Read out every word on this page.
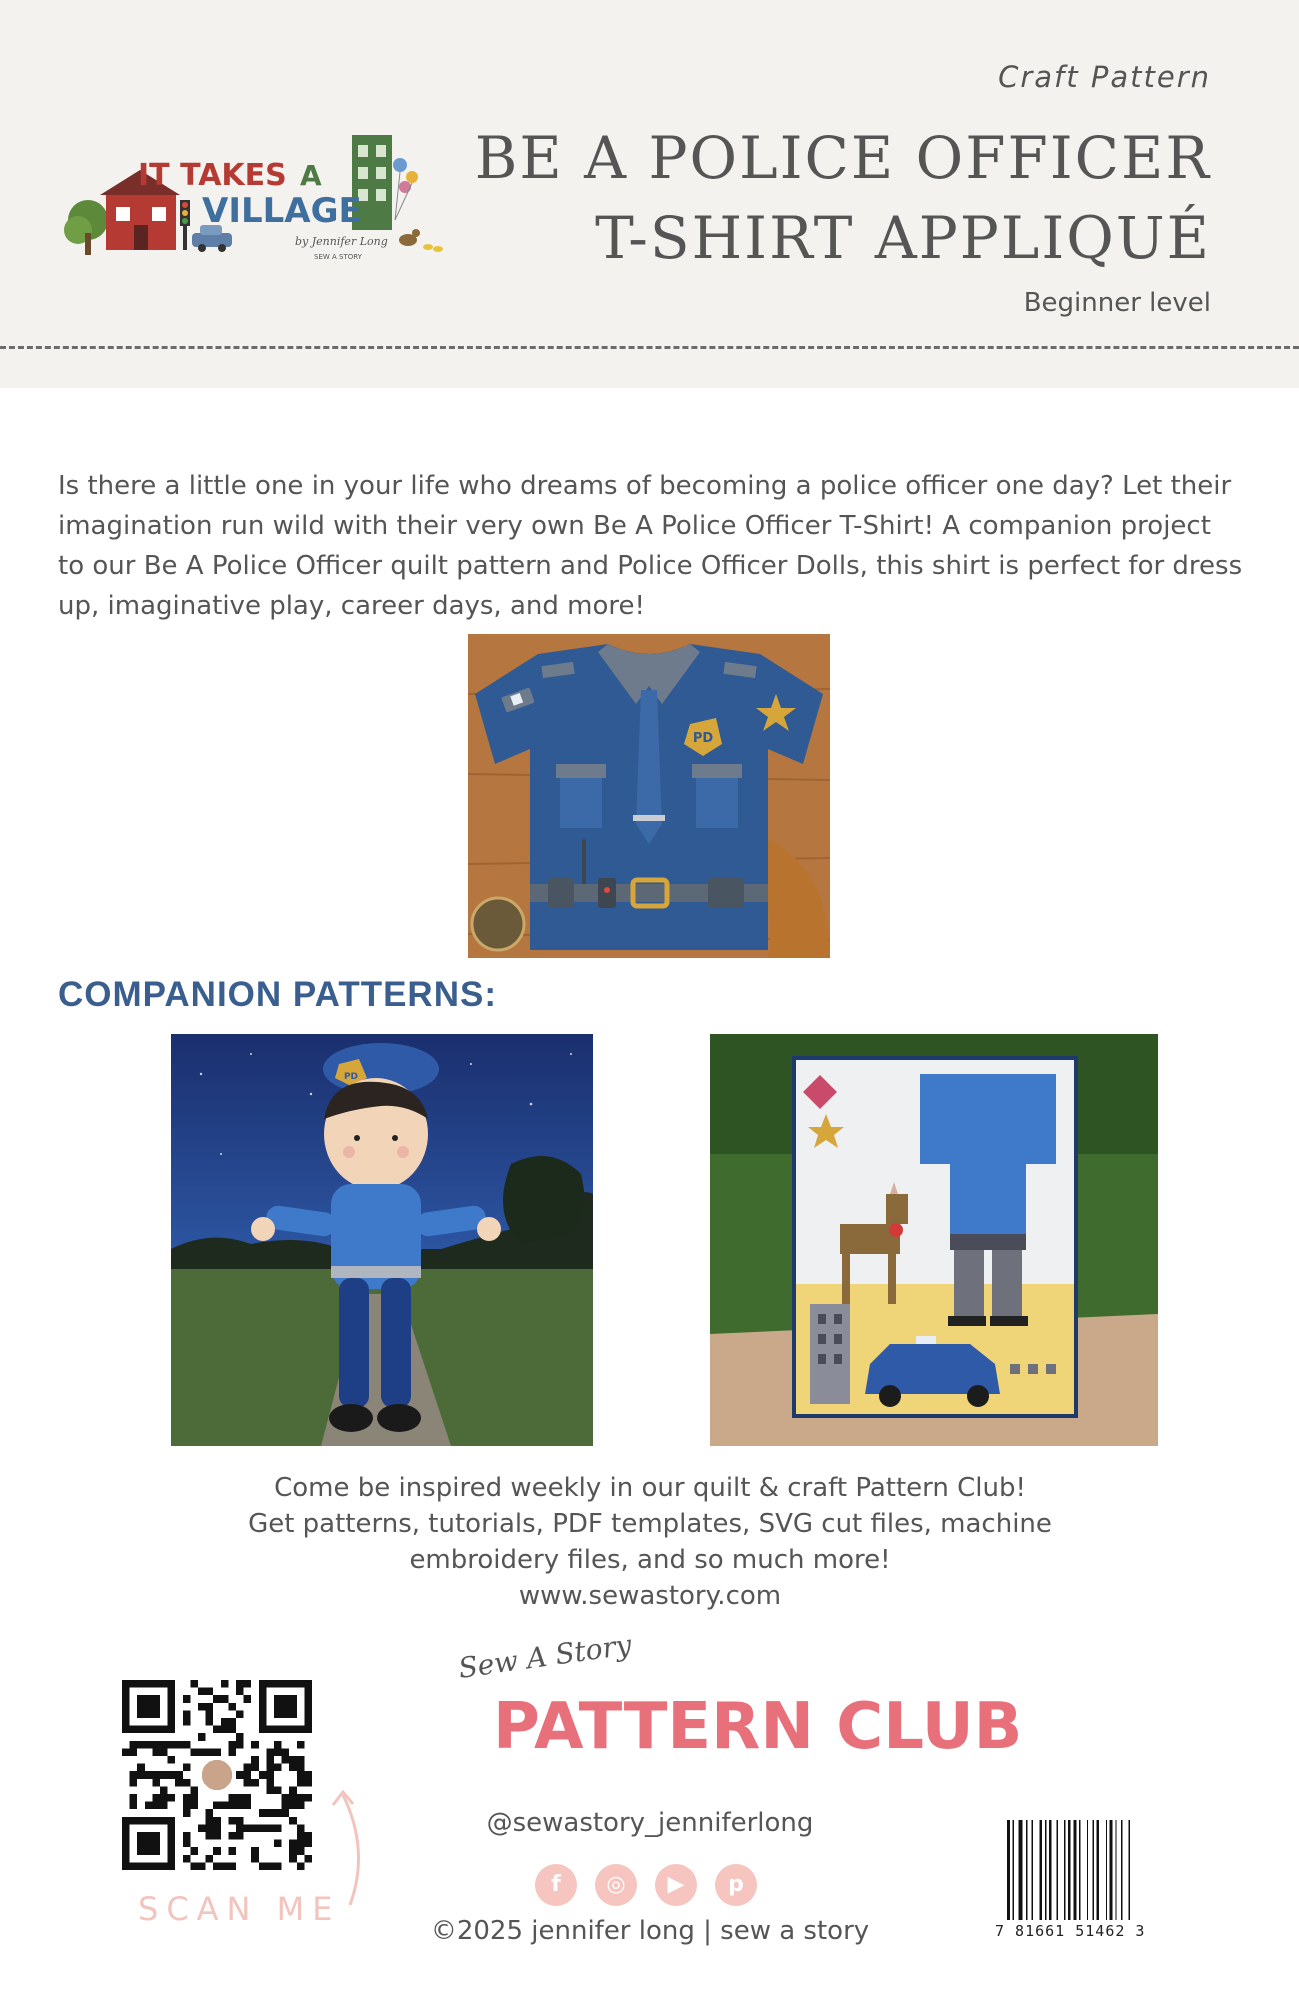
IT TAKES A
VILLAGE
by Jennifer Long
SEW A STORY
Craft Pattern
BE A POLICE OFFICER
T-SHIRT APPLIQUÉ
Beginner level
Is there a little one in your life who dreams of becoming a police officer one day? Let their imagination run wild with their very own Be A Police Officer T-Shirt! A companion project to our Be A Police Officer quilt pattern and Police Officer Dolls, this shirt is perfect for dress up, imaginative play, career days, and more!
PD
COMPANION PATTERNS:
PD
Come be inspired weekly in our quilt & craft Pattern Club!
Get patterns, tutorials, PDF templates, SVG cut files, machine
embroidery files, and so much more!
www.sewastory.com
SCAN ME
Sew A Story
PATTERN CLUB
@sewastory_jenniferlong
f	◎	▶	p
©2025 jennifer long | sew a story	7 81661 51462 3
